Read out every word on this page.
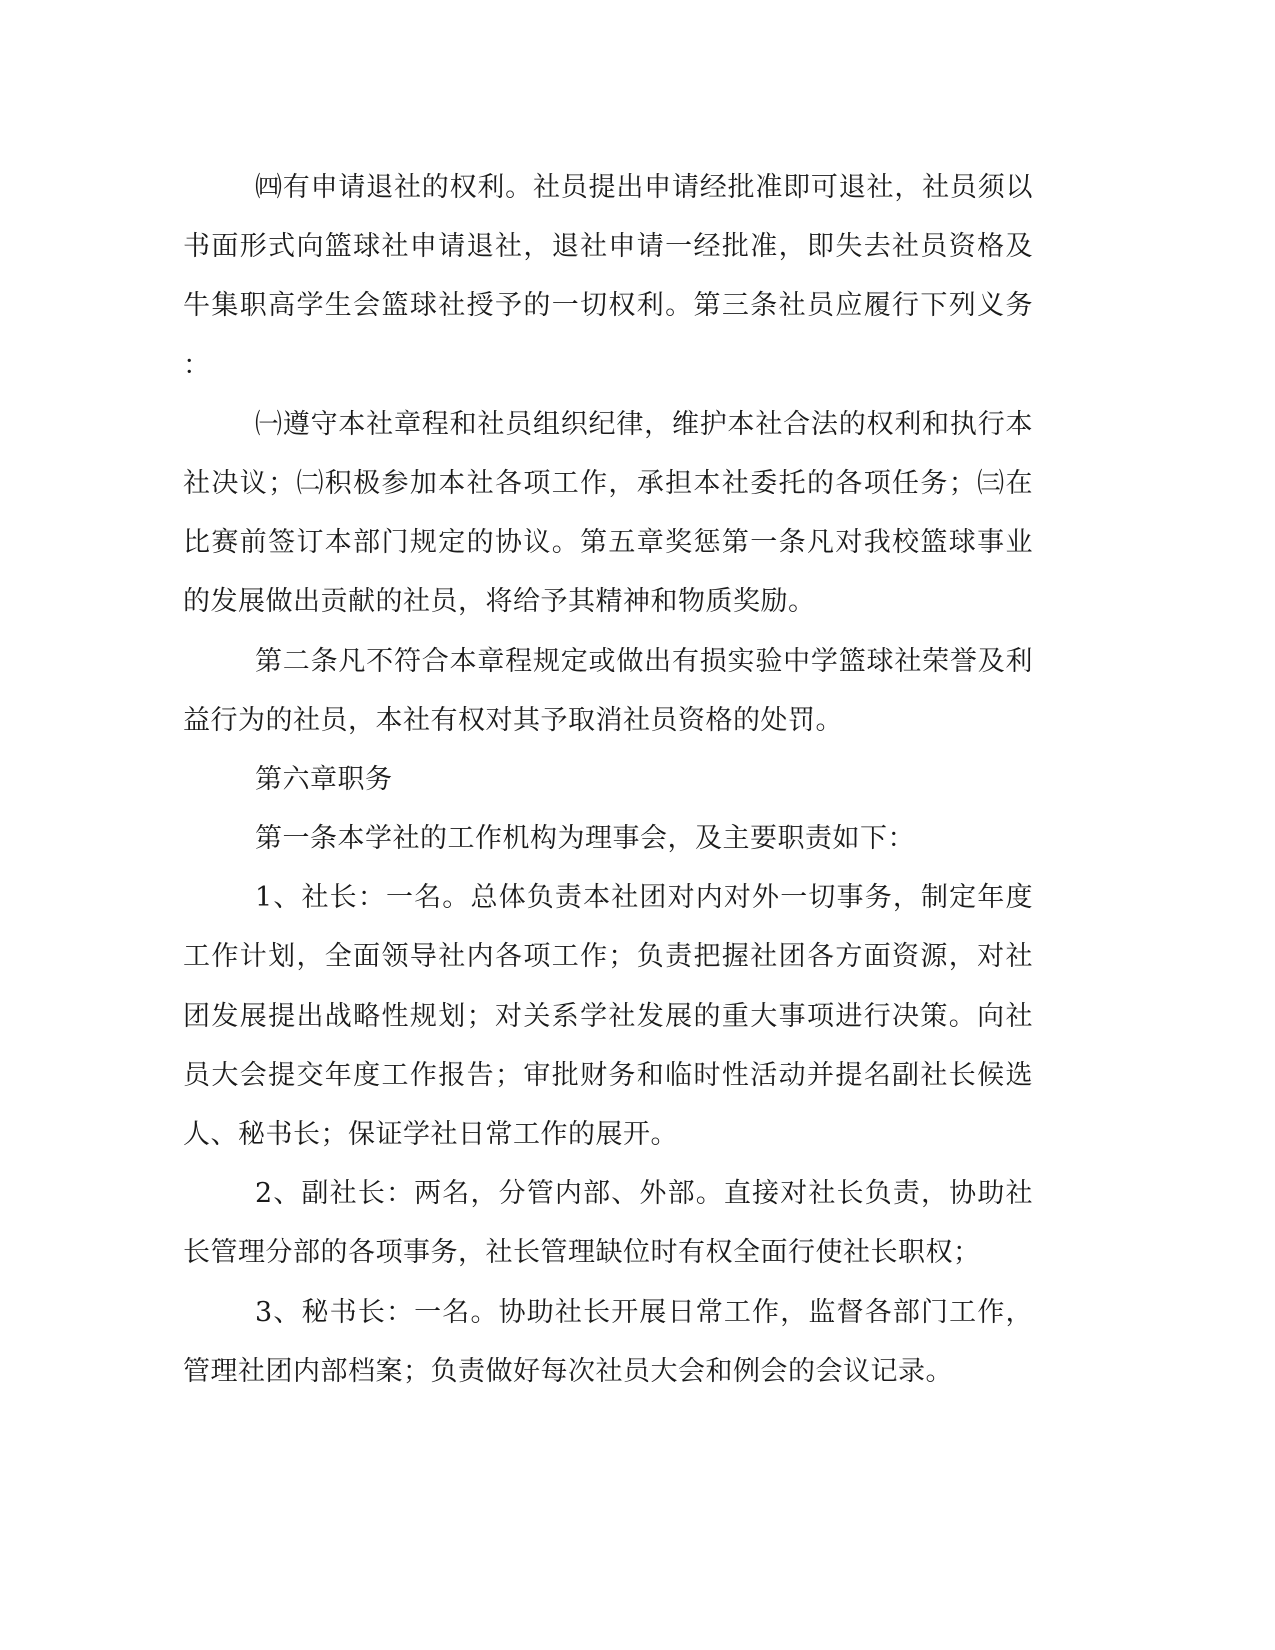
㈣有申请退社的权利。社员提出申请经批准即可退社，社员须以
书面形式向篮球社申请退社，退社申请一经批准，即失去社员资格及
牛集职高学生会篮球社授予的一切权利。第三条社员应履行下列义务
：
㈠遵守本社章程和社员组织纪律，维护本社合法的权利和执行本
社决议；㈡积极参加本社各项工作，承担本社委托的各项任务；㈢在
比赛前签订本部门规定的协议。第五章奖惩第一条凡对我校篮球事业
的发展做出贡献的社员，将给予其精神和物质奖励。
第二条凡不符合本章程规定或做出有损实验中学篮球社荣誉及利
益行为的社员，本社有权对其予取消社员资格的处罚。
第六章职务
第一条本学社的工作机构为理事会，及主要职责如下：
1、社长：一名。总体负责本社团对内对外一切事务，制定年度
工作计划，全面领导社内各项工作；负责把握社团各方面资源，对社
团发展提出战略性规划；对关系学社发展的重大事项进行决策。向社
员大会提交年度工作报告；审批财务和临时性活动并提名副社长候选
人、秘书长；保证学社日常工作的展开。
2、副社长：两名，分管内部、外部。直接对社长负责，协助社
长管理分部的各项事务，社长管理缺位时有权全面行使社长职权；
3、秘书长：一名。协助社长开展日常工作，监督各部门工作，
管理社团内部档案；负责做好每次社员大会和例会的会议记录。
